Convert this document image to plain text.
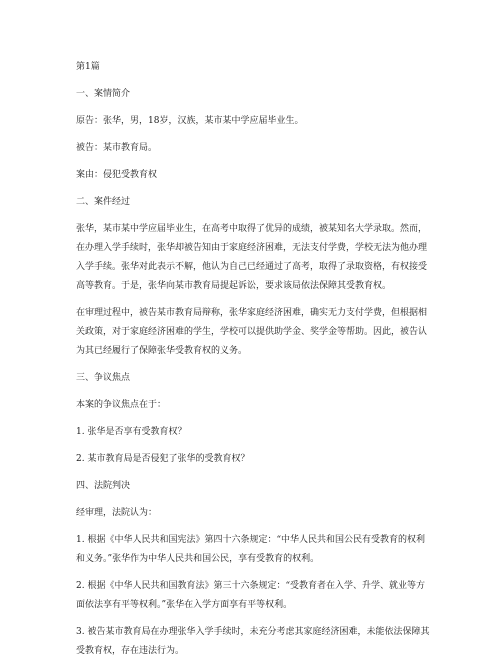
第1篇
一、案情简介
原告：张华，男，18岁，汉族，某市某中学应届毕业生。
被告：某市教育局。
案由：侵犯受教育权
二、案件经过
张华，某市某中学应届毕业生，在高考中取得了优异的成绩，被某知名大学录取。然而，在办理入学手续时，张华却被告知由于家庭经济困难，无法支付学费，学校无法为他办理入学手续。张华对此表示不解，他认为自己已经通过了高考，取得了录取资格，有权接受高等教育。于是，张华向某市教育局提起诉讼，要求该局依法保障其受教育权。
在审理过程中，被告某市教育局辩称，张华家庭经济困难，确实无力支付学费，但根据相关政策，对于家庭经济困难的学生，学校可以提供助学金、奖学金等帮助。因此，被告认为其已经履行了保障张华受教育权的义务。
三、争议焦点
本案的争议焦点在于：
1. 张华是否享有受教育权？
2. 某市教育局是否侵犯了张华的受教育权？
四、法院判决
经审理，法院认为：
1. 根据《中华人民共和国宪法》第四十六条规定：“中华人民共和国公民有受教育的权利和义务。”张华作为中华人民共和国公民，享有受教育的权利。
2. 根据《中华人民共和国教育法》第三十六条规定：“受教育者在入学、升学、就业等方面依法享有平等权利。”张华在入学方面享有平等权利。
3. 被告某市教育局在办理张华入学手续时，未充分考虑其家庭经济困难，未能依法保障其受教育权，存在违法行为。
